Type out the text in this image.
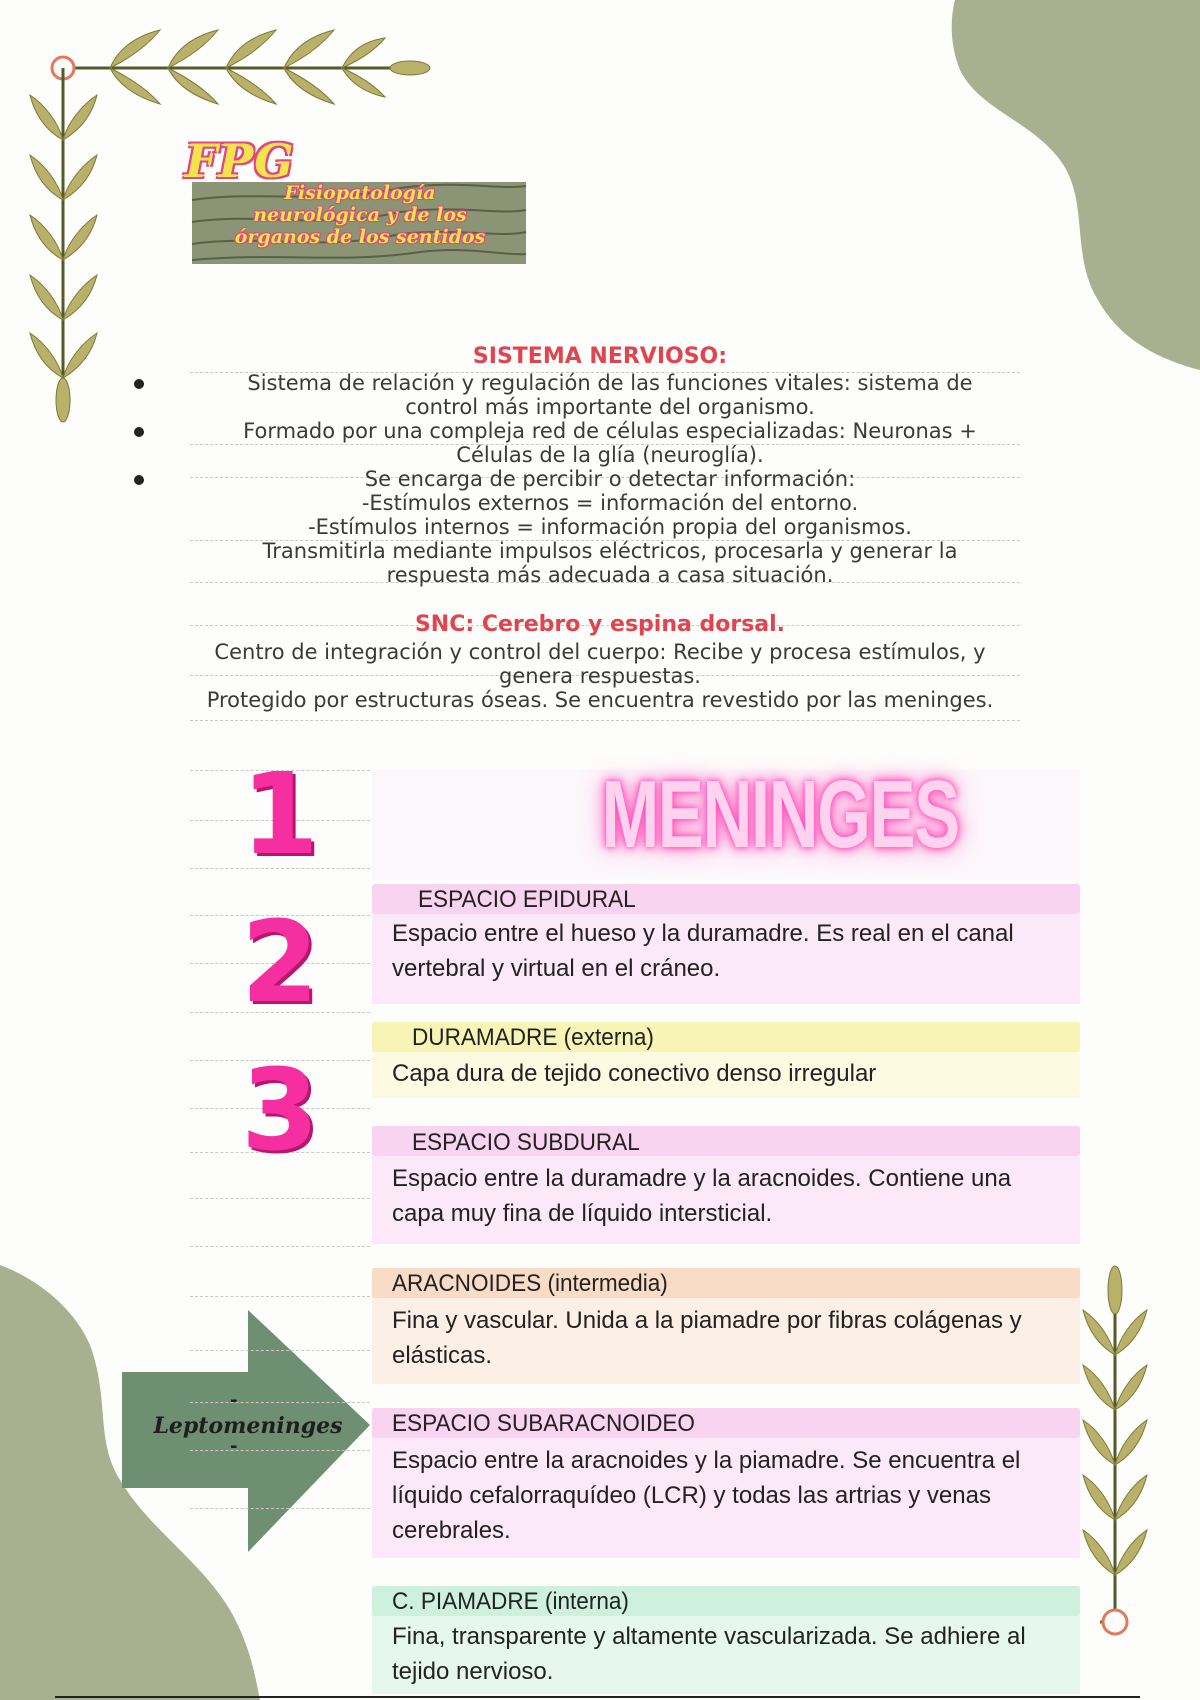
FPG
Fisiopatología
neurológica y de los
órganos de los sentidos
SISTEMA NERVIOSO:
Sistema de relación y regulación de las funciones vitales: sistema de
control más importante del organismo.
Formado por una compleja red de células especializadas: Neuronas +
Células de la glía (neuroglía).
Se encarga de percibir o detectar información:
-Estímulos externos = información del entorno.
-Estímulos internos = información propia del organismos.
Transmitirla mediante impulsos eléctricos, procesarla y generar la
respuesta más adecuada a casa situación.
SNC: Cerebro y espina dorsal.
Centro de integración y control del cuerpo: Recibe y procesa estímulos, y
genera respuestas.
Protegido por estructuras óseas. Se encuentra revestido por las meninges.
MENINGES
1
2
3
ESPACIO EPIDURAL
Espacio entre el hueso y la duramadre. Es real en el canal
vertebral y virtual en el cráneo.
DURAMADRE (externa)
Capa dura de tejido conectivo denso irregular
ESPACIO SUBDURAL
Espacio entre la duramadre y la aracnoides. Contiene una
capa muy fina de líquido intersticial.
ARACNOIDES (intermedia)
Fina y vascular. Unida a la piamadre por fibras colágenas y
elásticas.
ESPACIO SUBARACNOIDEO
Espacio entre la aracnoides y la piamadre. Se encuentra el
líquido cefalorraquídeo (LCR) y todas las artrias y venas
cerebrales.
C. PIAMADRE (interna)
Fina, transparente y altamente vascularizada. Se adhiere al
tejido nervioso.
-
Leptomeninges
-
